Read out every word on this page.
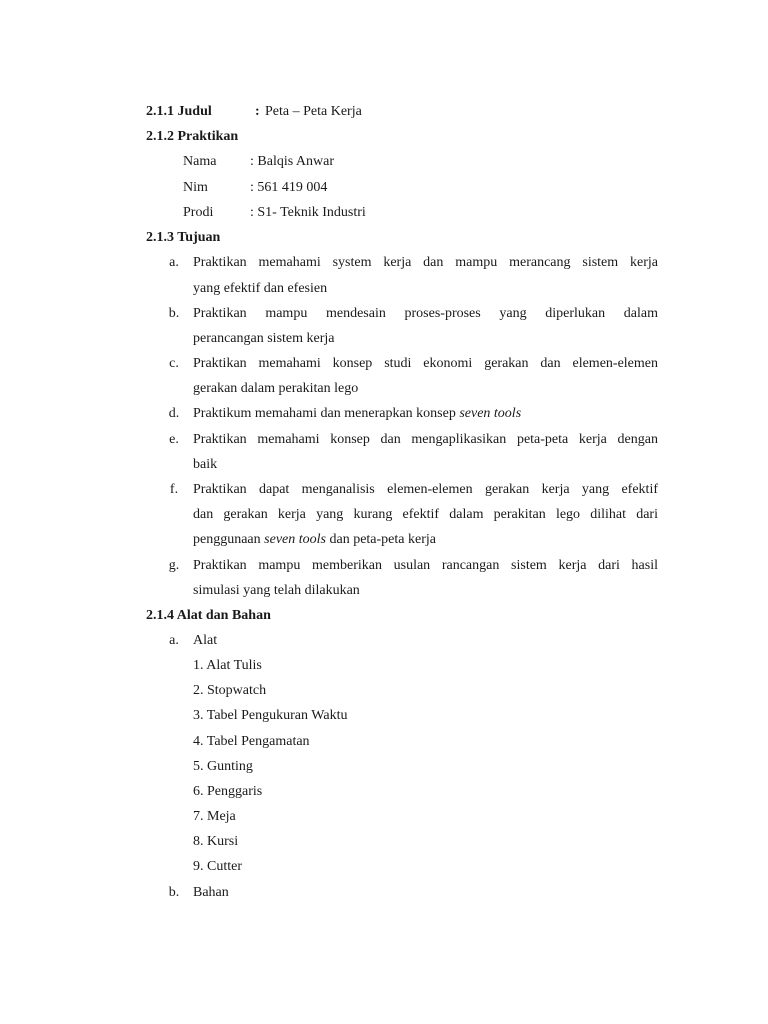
2.1.1 Judul	: Peta – Peta Kerja
2.1.2 Praktikan
Nama : Balqis Anwar
Nim	: 561 419 004
Prodi	: S1- Teknik Industri
2.1.3 Tujuan
a.	Praktikan memahami system kerja dan mampu merancang sistem kerja
yang efektif dan efesien
b. Praktikan mampu mendesain proses-proses yang diperlukan dalam
perancangan sistem kerja
c.	Praktikan memahami konsep studi ekonomi gerakan dan elemen-elemen
gerakan dalam perakitan lego
d. Praktikum memahami dan menerapkan konsep seven tools
e.	Praktikan memahami konsep dan mengaplikasikan peta-peta kerja dengan
baik
f.	Praktikan dapat menganalisis elemen-elemen gerakan kerja yang efektif
dan gerakan kerja yang kurang efektif dalam perakitan lego dilihat dari
penggunaan seven tools dan peta-peta kerja
g. Praktikan mampu memberikan usulan rancangan sistem kerja dari hasil
simulasi yang telah dilakukan
2.1.4 Alat dan Bahan
a.	Alat
1. Alat Tulis
2. Stopwatch
3. Tabel Pengukuran Waktu
4. Tabel Pengamatan
5. Gunting
6. Penggaris
7. Meja
8. Kursi
9. Cutter
b. Bahan
